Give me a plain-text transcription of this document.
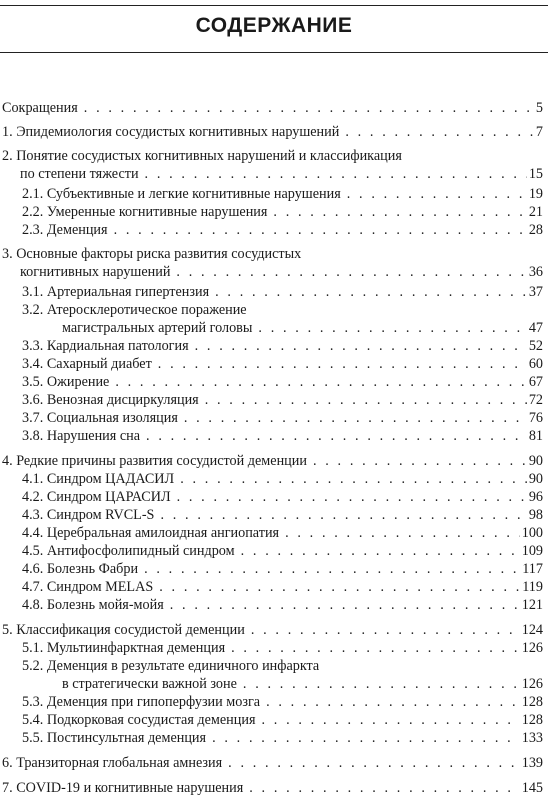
СОДЕРЖАНИЕ
Сокращения . . .	5
1. Эпидемиология сосудистых когнитивных нарушений . . .	7
2. Понятие сосудистых когнитивных нарушений и классификация
по степени тяжести . . .	15
2.1. Субъективные и легкие когнитивные нарушения . . .	19
2.2. Умеренные когнитивные нарушения . . .	21
2.3. Деменция . . .	28
3. Основные факторы риска развития сосудистых
когнитивных нарушений . . .	36
3.1. Артериальная гипертензия . . .	37
3.2. Атеросклеротическое поражение
магистральных артерий головы . . .	47
3.3. Кардиальная патология . . .	52
3.4. Сахарный диабет . . .	60
3.5. Ожирение . . .	67
3.6. Венозная дисциркуляция . . .	72
3.7. Социальная изоляция . . .	76
3.8. Нарушения сна . . .	81
4. Редкие причины развития сосудистой деменции . . .	90
4.1. Синдром ЦАДАСИЛ . . .	90
4.2. Синдром ЦАРАСИЛ . . .	96
4.3. Синдром RVCL-S . . .	98
4.4. Церебральная амилоидная ангиопатия . . .	100
4.5. Антифосфолипидный синдром . . .	109
4.6. Болезнь Фабри . . .	117
4.7. Синдром MELAS . . .	119
4.8. Болезнь мойя-мойя . . .	121
5. Классификация сосудистой деменции . . .	124
5.1. Мультиинфарктная деменция . . .	126
5.2. Деменция в результате единичного инфаркта
в стратегически важной зоне . . .	126
5.3. Деменция при гипоперфузии мозга . . .	128
5.4. Подкорковая сосудистая деменция . . .	128
5.5. Постинсультная деменция . . .	133
6. Транзиторная глобальная амнезия . . .	139
7. COVID-19 и когнитивные нарушения . . .	145
